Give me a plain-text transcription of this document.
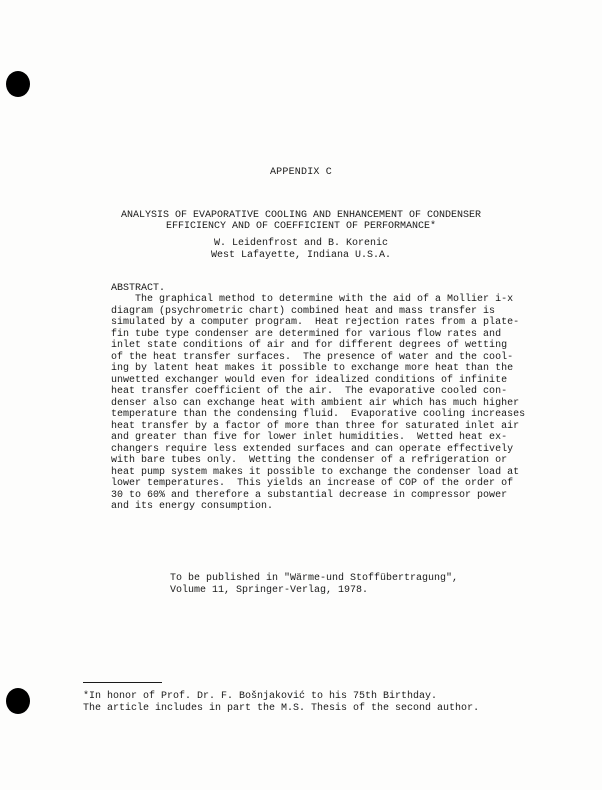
APPENDIX C
ANALYSIS OF EVAPORATIVE COOLING AND ENHANCEMENT OF CONDENSER
EFFICIENCY AND OF COEFFICIENT OF PERFORMANCE*
W. Leidenfrost and B. Korenic
West Lafayette, Indiana U.S.A.
ABSTRACT.
The graphical method to determine with the aid of a Mollier i-x
diagram (psychrometric chart) combined heat and mass transfer is
simulated by a computer program.  Heat rejection rates from a plate-
fin tube type condenser are determined for various flow rates and
inlet state conditions of air and for different degrees of wetting
of the heat transfer surfaces.  The presence of water and the cool-
ing by latent heat makes it possible to exchange more heat than the
unwetted exchanger would even for idealized conditions of infinite
heat transfer coefficient of the air.  The evaporative cooled con-
denser also can exchange heat with ambient air which has much higher
temperature than the condensing fluid.  Evaporative cooling increases
heat transfer by a factor of more than three for saturated inlet air
and greater than five for lower inlet humidities.  Wetted heat ex-
changers require less extended surfaces and can operate effectively
with bare tubes only.  Wetting the condenser of a refrigeration or
heat pump system makes it possible to exchange the condenser load at
lower temperatures.  This yields an increase of COP of the order of
30 to 60% and therefore a substantial decrease in compressor power
and its energy consumption.
To be published in "Wärme-und Stoffübertragung",
Volume 11, Springer-Verlag, 1978.
*In honor of Prof. Dr. F. Bošnjaković to his 75th Birthday.
The article includes in part the M.S. Thesis of the second author.
